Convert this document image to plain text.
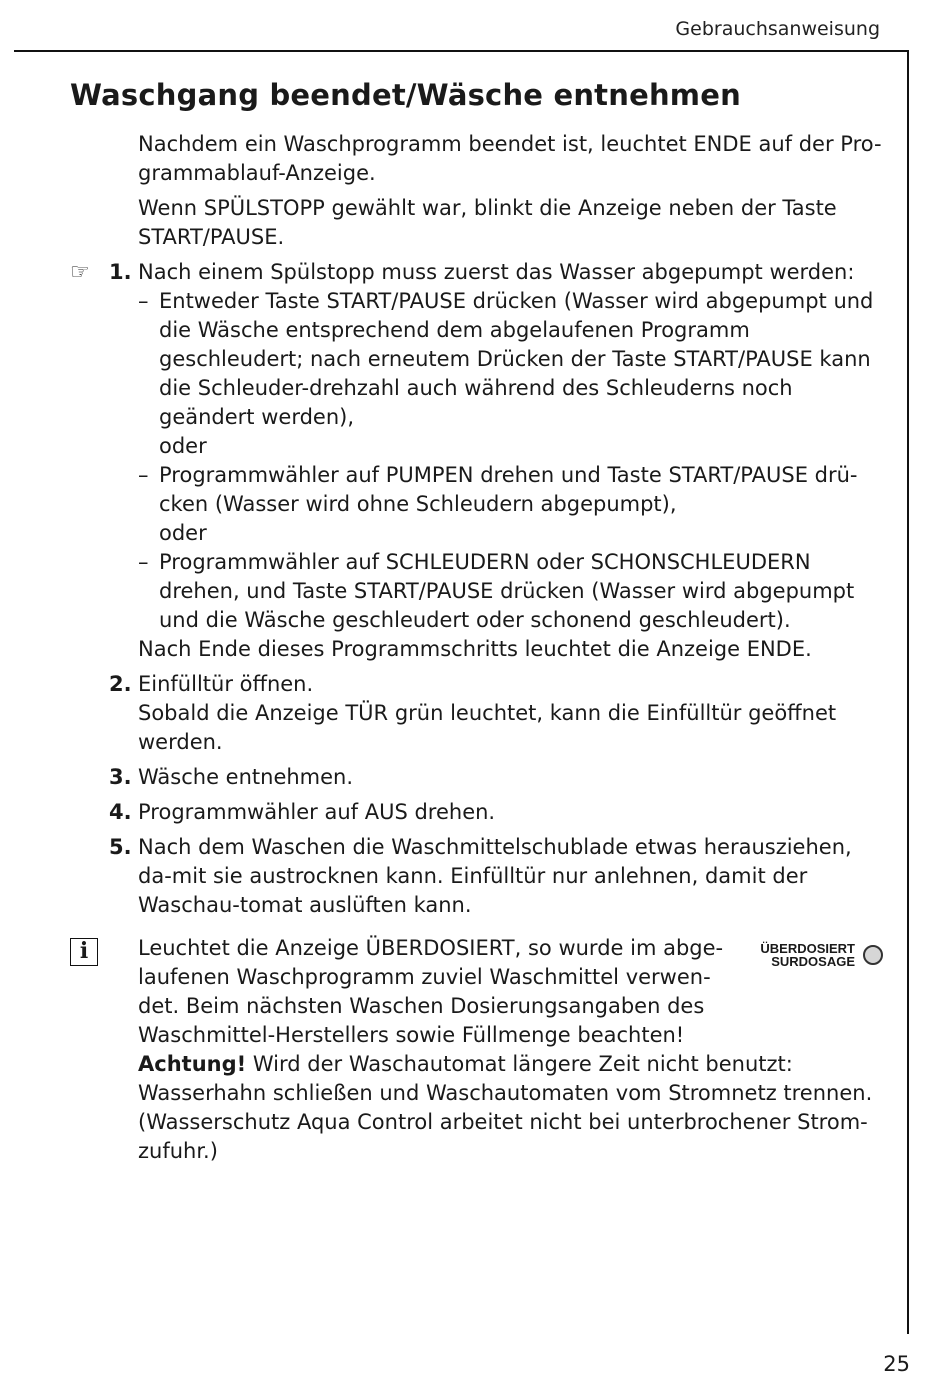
Gebrauchsanweisung
Waschgang beendet/Wäsche entnehmen

Nachdem ein Waschprogramm beendet ist, leuchtet ENDE auf der Pro-grammablauf-Anzeige.

Wenn SPÜLSTOPP gewählt war, blinkt die Anzeige neben der Taste START/PAUSE.

☞ 1. Nach einem Spülstopp muss zuerst das Wasser abgepumpt werden:
– Entweder Taste START/PAUSE drücken (Wasser wird abgepumpt und die Wäsche entsprechend dem abgelaufenen Programm geschleudert; nach erneutem Drücken der Taste START/PAUSE kann die Schleuder-drehzahl auch während des Schleuderns noch geändert werden),
oder
– Programmwähler auf PUMPEN drehen und Taste START/PAUSE drü-cken (Wasser wird ohne Schleudern abgepumpt),
oder
– Programmwähler auf SCHLEUDERN oder SCHONSCHLEUDERN drehen, und Taste START/PAUSE drücken (Wasser wird abgepumpt und die Wäsche geschleudert oder schonend geschleudert).
Nach Ende dieses Programmschritts leuchtet die Anzeige ENDE.
2. Einfülltür öffnen.
Sobald die Anzeige TÜR grün leuchtet, kann die Einfülltür geöffnet werden.
3. Wäsche entnehmen.
4. Programmwähler auf AUS drehen.
5. Nach dem Waschen die Waschmittelschublade etwas herausziehen, da-mit sie austrocknen kann. Einfülltür nur anlehnen, damit der Waschau-tomat auslüften kann.
i	Leuchtet die Anzeige ÜBERDOSIERT, so wurde im abge-laufenen Waschprogramm zuviel Waschmittel verwen-det. Beim nächsten Waschen Dosierungsangaben des Waschmittel-Herstellers sowie Füllmenge beachten!
ÜBERDOSIERT
SURDOSAGE

Achtung! Wird der Waschautomat längere Zeit nicht benutzt: Wasserhahn schließen und Waschautomaten vom Stromnetz trennen. (Wasserschutz Aqua Control arbeitet nicht bei unterbrochener Strom-zufuhr.)

25
